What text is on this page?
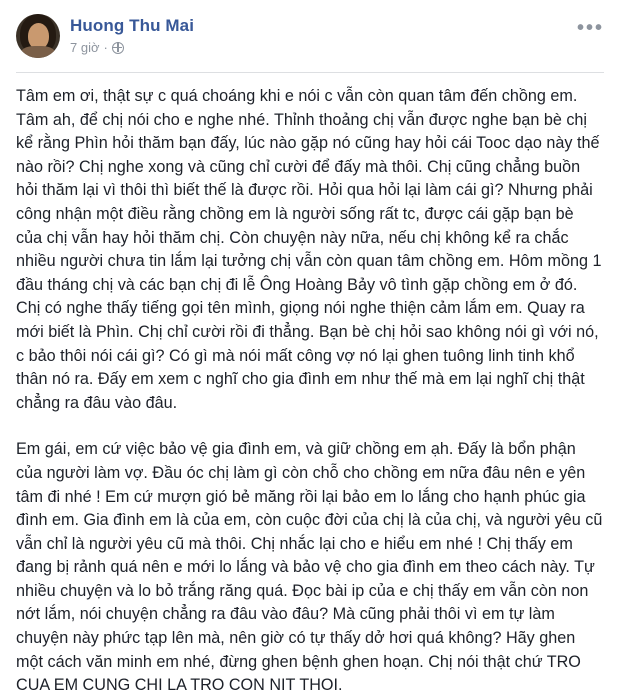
Huong Thu Mai
7 giờ ·
•••

Tâm em ơi, thật sự c quá choáng khi e nói c vẫn còn quan tâm đến chồng em. Tâm ah, để chị nói cho e nghe nhé. Thỉnh thoảng chị vẫn được nghe bạn bè chị kể rằng Phìn hỏi thăm bạn đấy, lúc nào gặp nó cũng hay hỏi cái Tooc dạo này thế nào rồi? Chị nghe xong và cũng chỉ cười để đấy mà thôi. Chị cũng chẳng buồn hỏi thăm lại vì thôi thì biết thế là được rồi. Hỏi qua hỏi lại làm cái gì? Nhưng phải công nhận một điều rằng chồng em là người sống rất tc, được cái gặp bạn bè của chị vẫn hay hỏi thăm chị. Còn chuyện này nữa, nếu chị không kể ra chắc nhiều người chưa tin lắm lại tưởng chị vẫn còn quan tâm chồng em. Hôm mồng 1 đầu tháng chị và các bạn chị đi lễ Ông Hoàng Bảy vô tình gặp chồng em ở đó. Chị có nghe thấy tiếng gọi tên mình, giọng nói nghe thiện cảm lắm em. Quay ra mới biết là Phìn. Chị chỉ cười rồi đi thẳng. Bạn bè chị hỏi sao không nói gì với nó, c bảo thôi nói cái gì? Có gì mà nói mất công vợ nó lại ghen tuông linh tinh khổ thân nó ra. Đấy em xem c nghĩ cho gia đình em như thế mà em lại nghĩ chị thật chẳng ra đâu vào đâu.

Em gái, em cứ việc bảo vệ gia đình em, và giữ chồng em ạh. Đấy là bổn phận của người làm vợ. Đầu óc chị làm gì còn chỗ cho chồng em nữa đâu nên e yên tâm đi nhé ! Em cứ mượn gió bẻ măng rồi lại bảo em lo lắng cho hạnh phúc gia đình em. Gia đình em là của em, còn cuộc đời của chị là của chị, và người yêu cũ vẫn chỉ là người yêu cũ mà thôi. Chị nhắc lại cho e hiểu em nhé ! Chị thấy em đang bị rảnh quá nên e mới lo lắng và bảo vệ cho gia đình em theo cách này. Tự nhiều chuyện và lo bỏ trắng răng quá. Đọc bài ip của e chị thấy em vẫn còn non nớt lắm, nói chuyện chẳng ra đâu vào đâu? Mà cũng phải thôi vì em tự làm chuyện này phức tạp lên mà, nên giờ có tự thấy dở hơi quá không? Hãy ghen một cách văn minh em nhé, đừng ghen bệnh ghen hoạn. Chị nói thật chứ TRO CUA EM CUNG CHI LA TRO CON NIT THOI.
